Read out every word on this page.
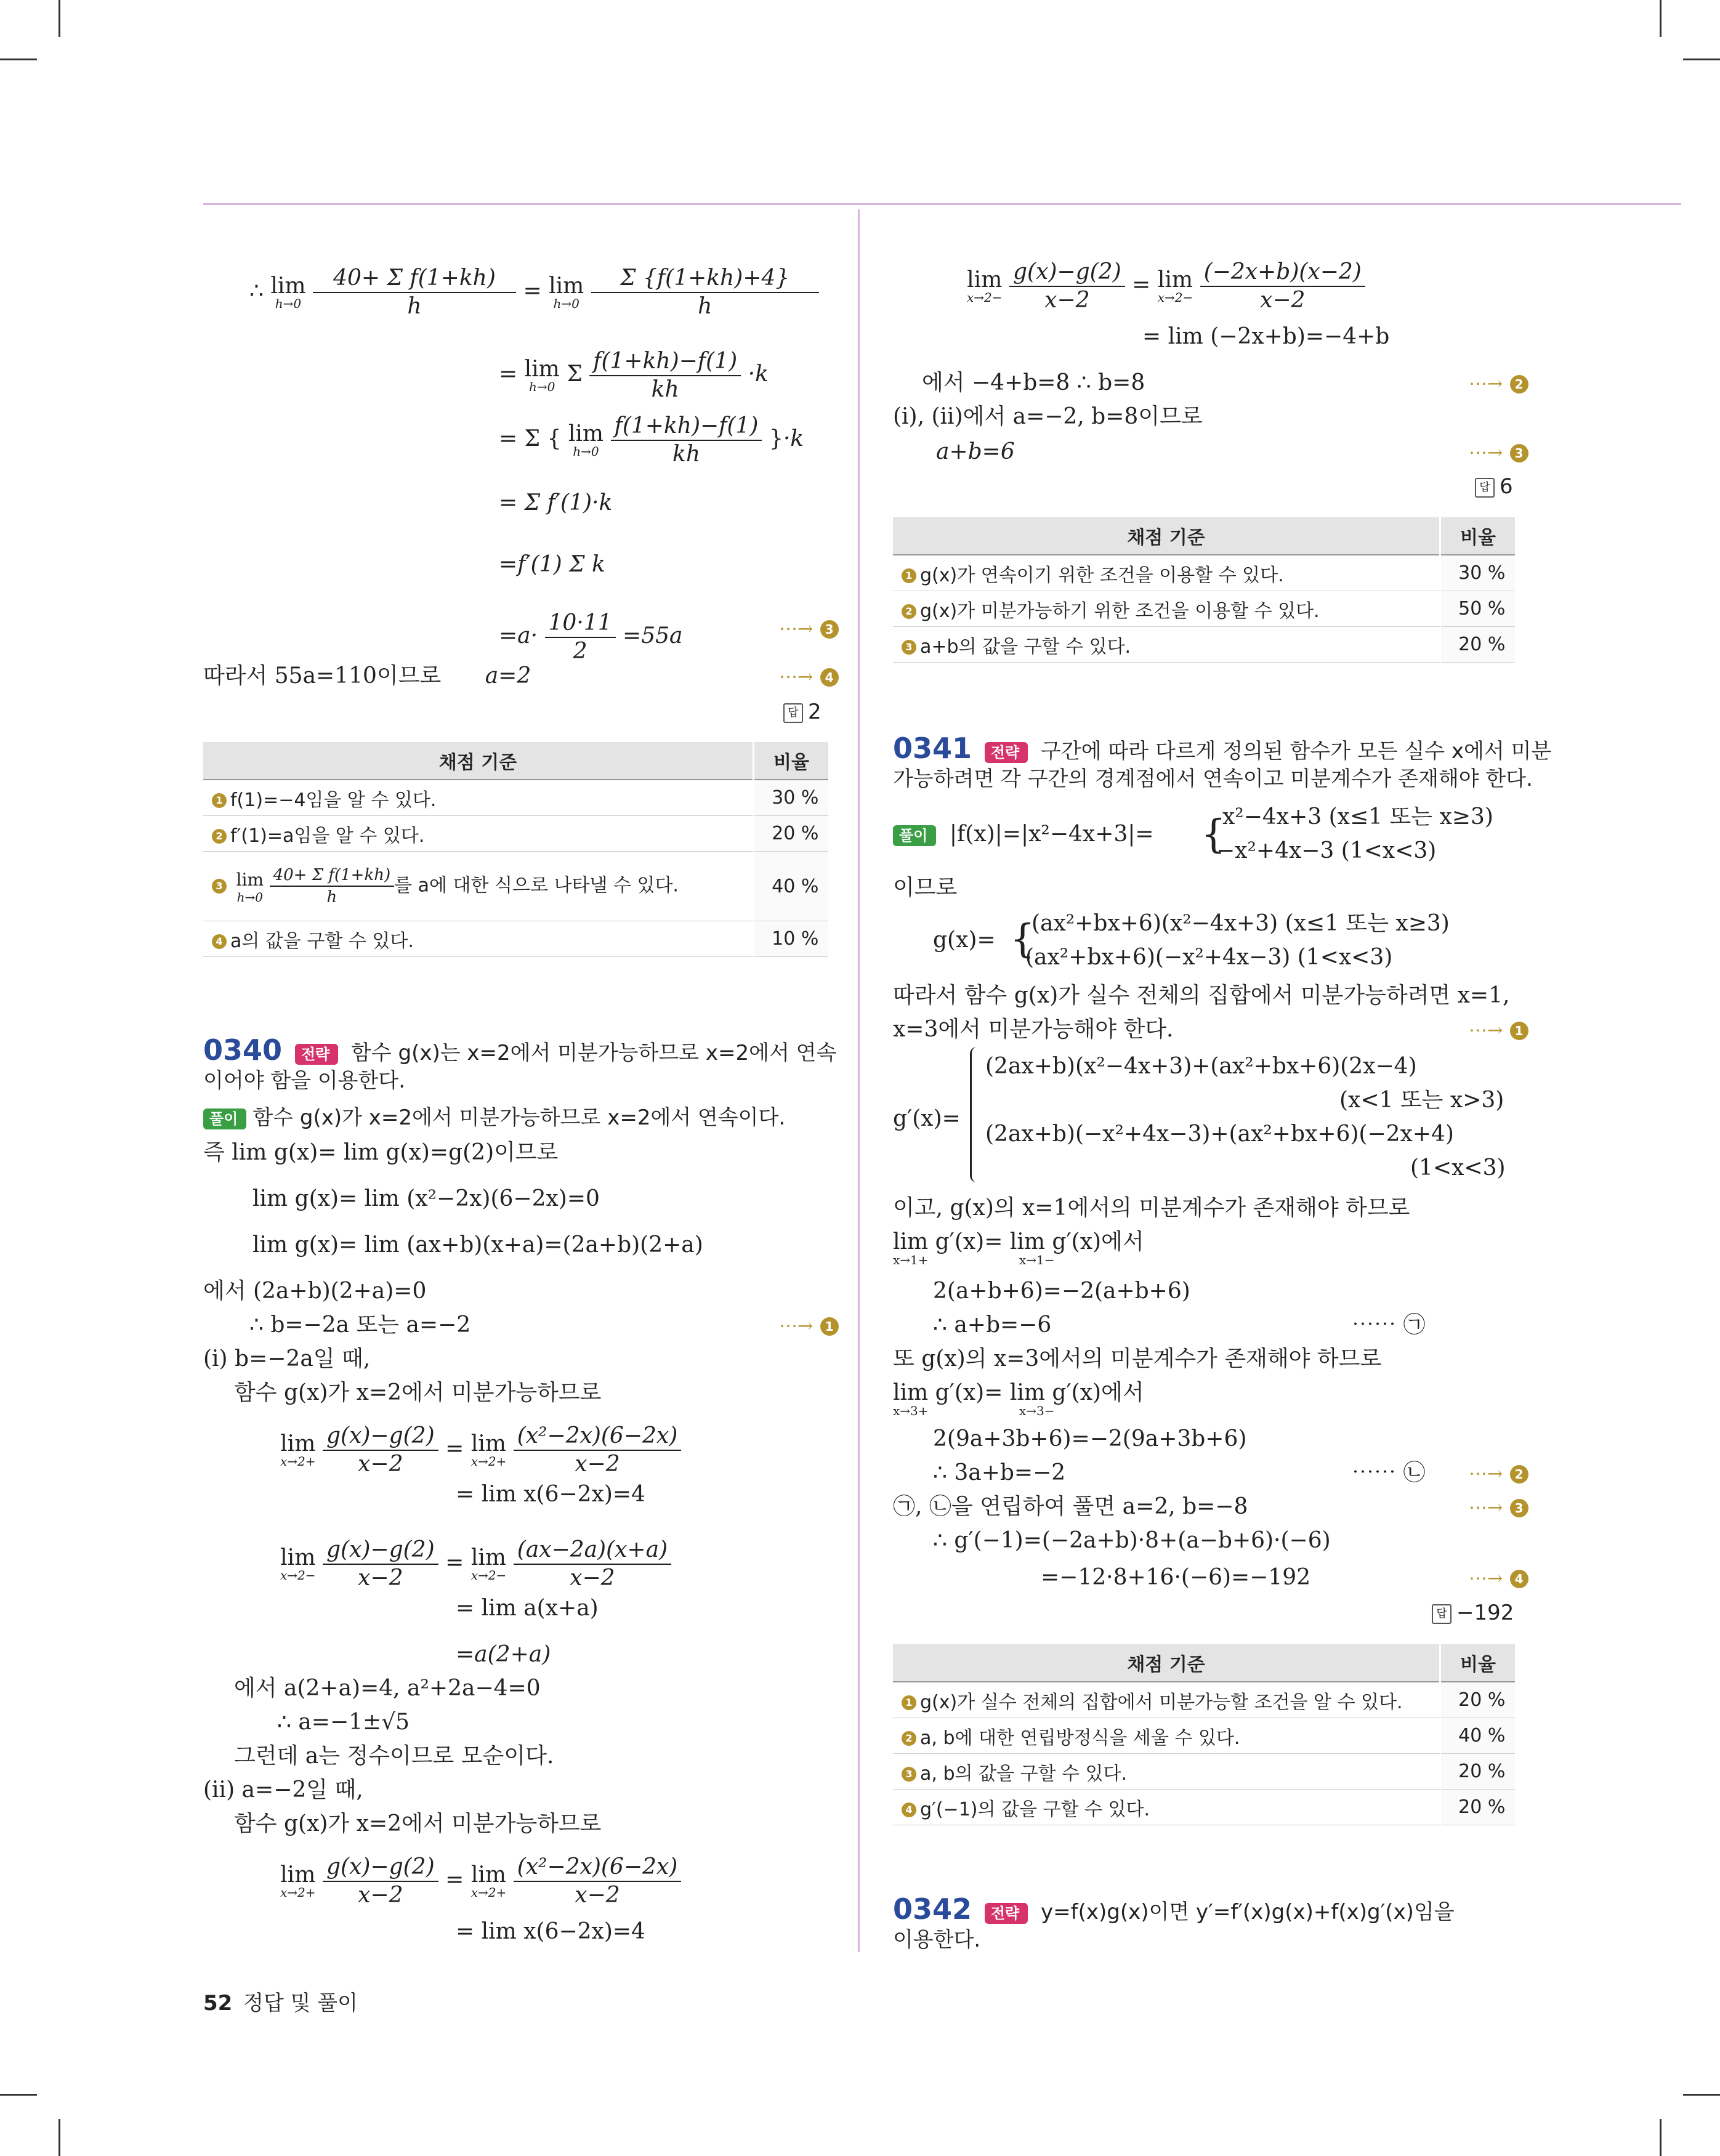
∴ lim
h→0
$\frac{\text{40+ Σ f(1+kh)}}{h} = \lim$
h→0
$\frac{\Sigma \{f(1+kh)+4\}}{h}$
= lim
h→0 Σ $\frac{f(1+kh)-f(1)}{kh} \cdot k$
= Σ { lim
h→0
$\frac{f(1+kh)-f(1)}{kh} \}\cdot k$
= Σ f′(1)·k
=f′(1) Σ k
$=a\cdot \frac{10\cdot 11}{2} =55a$	⋯→ 3
따라서 55a=110이므로 a=2	⋯→ 4
답 2
채점 기준	비율
1 f(1)=−4임을 알 수 있다.	30 %
2 f′(1)=a임을 알 수 있다.	20 %
3 lim
h→0
$\frac{\text{40+ Σ f(1+kh)}}{h}$ 를 a에 대한 식으로 나타낼 수 있다.	40 %
4 a의 값을 구할 수 있다.	10 %
0340 전략 함수 g(x)는 x=2에서 미분가능하므로 x=2에서 연속
이어야 함을 이용한다.
풀이 함수 g(x)가 x=2에서 미분가능하므로 x=2에서 연속이다.
즉 lim g(x)= lim g(x)=g(2)이므로
lim g(x)= lim (x²−2x)(6−2x)=0
lim g(x)= lim (ax+b)(x+a)=(2a+b)(2+a)
에서 (2a+b)(2+a)=0
∴ b=−2a 또는 a=−2	⋯→ 1
(i) b=−2a일 때,
함수 g(x)가 x=2에서 미분가능하므로
lim
x→2+
$\frac{g(x)-g(2)}{x-2} = \lim$
x→2+
$\frac{\text{(x²−2x)(6−2x)}}{x-2}$
= lim x(6−2x)=4
lim
x→2−
$\frac{g(x)-g(2)}{x-2} = \lim$
x→2−
$\frac{(ax-2a)(x+a)}{x-2}$
= lim a(x+a)
=a(2+a)
에서 a(2+a)=4, a²+2a−4=0
∴ a=−1±√5
그런데 a는 정수이므로 모순이다.
(ii) a=−2일 때,
함수 g(x)가 x=2에서 미분가능하므로
lim
x→2+
$\frac{g(x)-g(2)}{x-2} = \lim$
x→2+
$\frac{\text{(x²−2x)(6−2x)}}{x-2}$
= lim x(6−2x)=4
lim
x→2−
$\frac{g(x)-g(2)}{x-2} = \lim$
x→2−
$\frac{(-2x+b)(x-2)}{x-2}$
= lim (−2x+b)=−4+b
에서 −4+b=8 ∴ b=8	⋯→ 2
(i), (ii)에서 a=−2, b=8이므로
a+b=6	⋯→ 3
답 6
채점 기준	비율
1 g(x)가 연속이기 위한 조건을 이용할 수 있다.	30 %
2 g(x)가 미분가능하기 위한 조건을 이용할 수 있다.	50 %
3 a+b의 값을 구할 수 있다.	20 %
0341 전략 구간에 따라 다르게 정의된 함수가 모든 실수 x에서 미분
가능하려면 각 구간의 경계점에서 연속이고 미분계수가 존재해야 한다.
풀이 |f(x)|=|x²−4x+3|= {
x²−4x+3 (x≤1 또는 x≥3)
−x²+4x−3 (1<x<3)
이므로
g(x)= {
(ax²+bx+6)(x²−4x+3) (x≤1 또는 x≥3)
(ax²+bx+6)(−x²+4x−3) (1<x<3)
따라서 함수 g(x)가 실수 전체의 집합에서 미분가능하려면 x=1,
x=3에서 미분가능해야 한다.	⋯→ 1
g′(x)=
(2ax+b)(x²−4x+3)+(ax²+bx+6)(2x−4)
(x<1 또는 x>3)
(2ax+b)(−x²+4x−3)+(ax²+bx+6)(−2x+4)
(1<x<3)
이고, g(x)의 x=1에서의 미분계수가 존재해야 하므로
lim g′(x)= lim g′(x)에서
x→1+	x→1−
2(a+b+6)=−2(a+b+6)
∴ a+b=−6	⋯⋯ ㉠
또 g(x)의 x=3에서의 미분계수가 존재해야 하므로
lim g′(x)= lim g′(x)에서
x→3+	x→3−
2(9a+3b+6)=−2(9a+3b+6)
∴ 3a+b=−2	⋯⋯ ㉡ ⋯→ 2
㉠, ㉡을 연립하여 풀면 a=2, b=−8	⋯→ 3
∴ g′(−1)=(−2a+b)·8+(a−b+6)·(−6)
=−12·8+16·(−6)=−192	⋯→ 4
답 −192
채점 기준	비율
1 g(x)가 실수 전체의 집합에서 미분가능할 조건을 알 수 있다.	20 %
2 a, b에 대한 연립방정식을 세울 수 있다.	40 %
3 a, b의 값을 구할 수 있다.	20 %
4 g′(−1)의 값을 구할 수 있다.	20 %
0342 전략 y=f(x)g(x)이면 y′=f′(x)g(x)+f(x)g′(x)임을
이용한다.
52 정답 및 풀이
